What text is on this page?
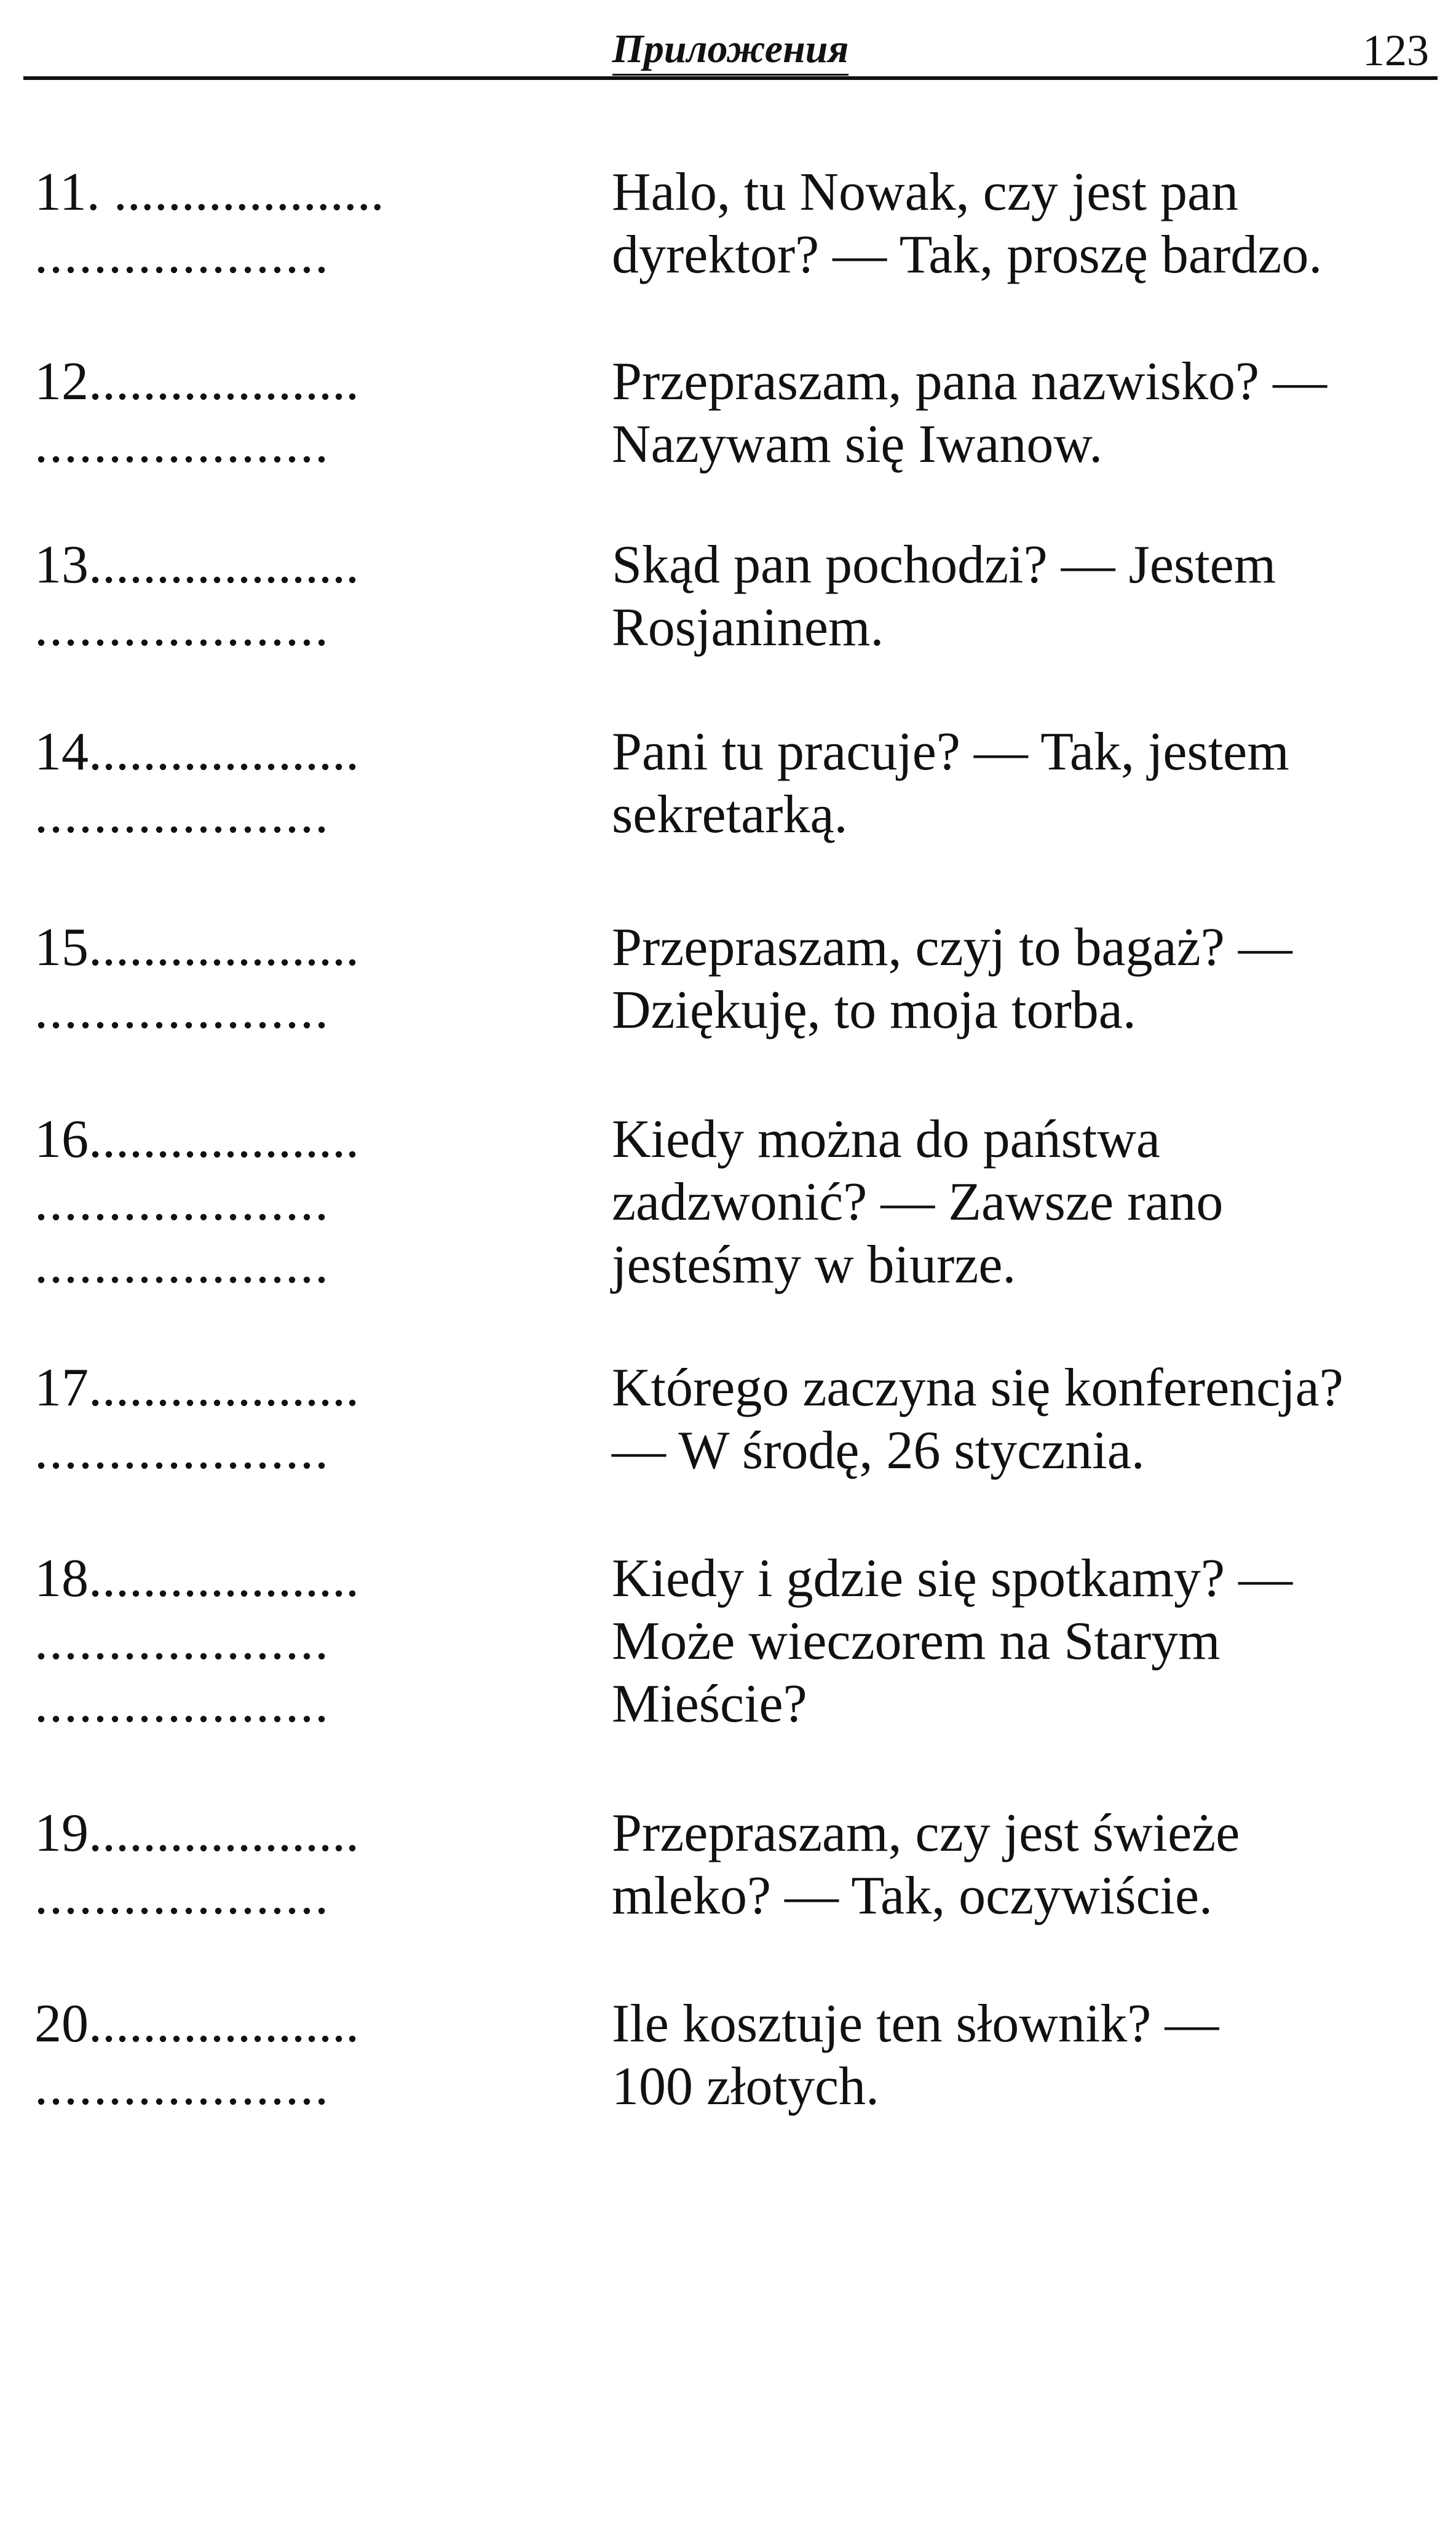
Приложения	123
11. ....................
....................
Halo, tu Nowak, czy jest pan
dyrektor? — Tak, proszę bardzo.
12....................
....................
Przepraszam, pana nazwisko? —
Nazywam się Iwanow.
13....................
....................
Skąd pan pochodzi? — Jestem
Rosjaninem.
14....................
....................
Pani tu pracuje? — Tak, jestem
sekretarką.
15....................
....................
Przepraszam, czyj to bagaż? —
Dziękuję, to moja torba.
16....................
....................
....................
Kiedy można do państwa
zadzwonić? — Zawsze rano
jesteśmy w biurze.
17....................
....................
Którego zaczyna się konferencja?
— W środę, 26 stycznia.
18....................
....................
....................
Kiedy i gdzie się spotkamy? —
Może wieczorem na Starym
Mieście?
19....................
....................
Przepraszam, czy jest świeże
mleko? — Tak, oczywiście.
20....................
....................
Ile kosztuje ten słownik? —
100 złotych.
